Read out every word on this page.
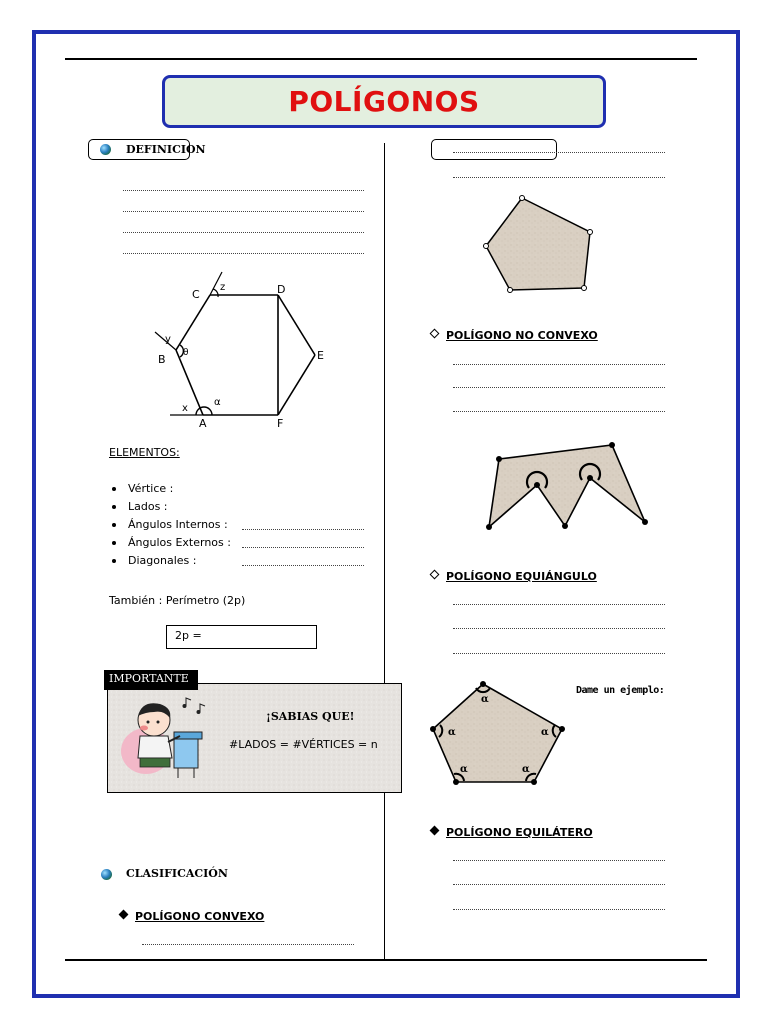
POLÍGONOS
DEFINICION
A
B
C	D
E
F
x
y
z
θ
α
ELEMENTOS:
Vértice :
Lados :
Ángulos Internos :
Ángulos Externos :
Diagonales :
También : Perímetro (2p)
2p =
¡SABIAS QUE!
#LADOS = #VÉRTICES = n
IMPORTANTE
CLASIFICACIÓN
POLÍGONO CONVEXO
POLÍGONO NO CONVEXO
POLÍGONO EQUIÁNGULO
α
α	α
α	α
Dame un ejemplo:
POLÍGONO EQUILÁTERO
